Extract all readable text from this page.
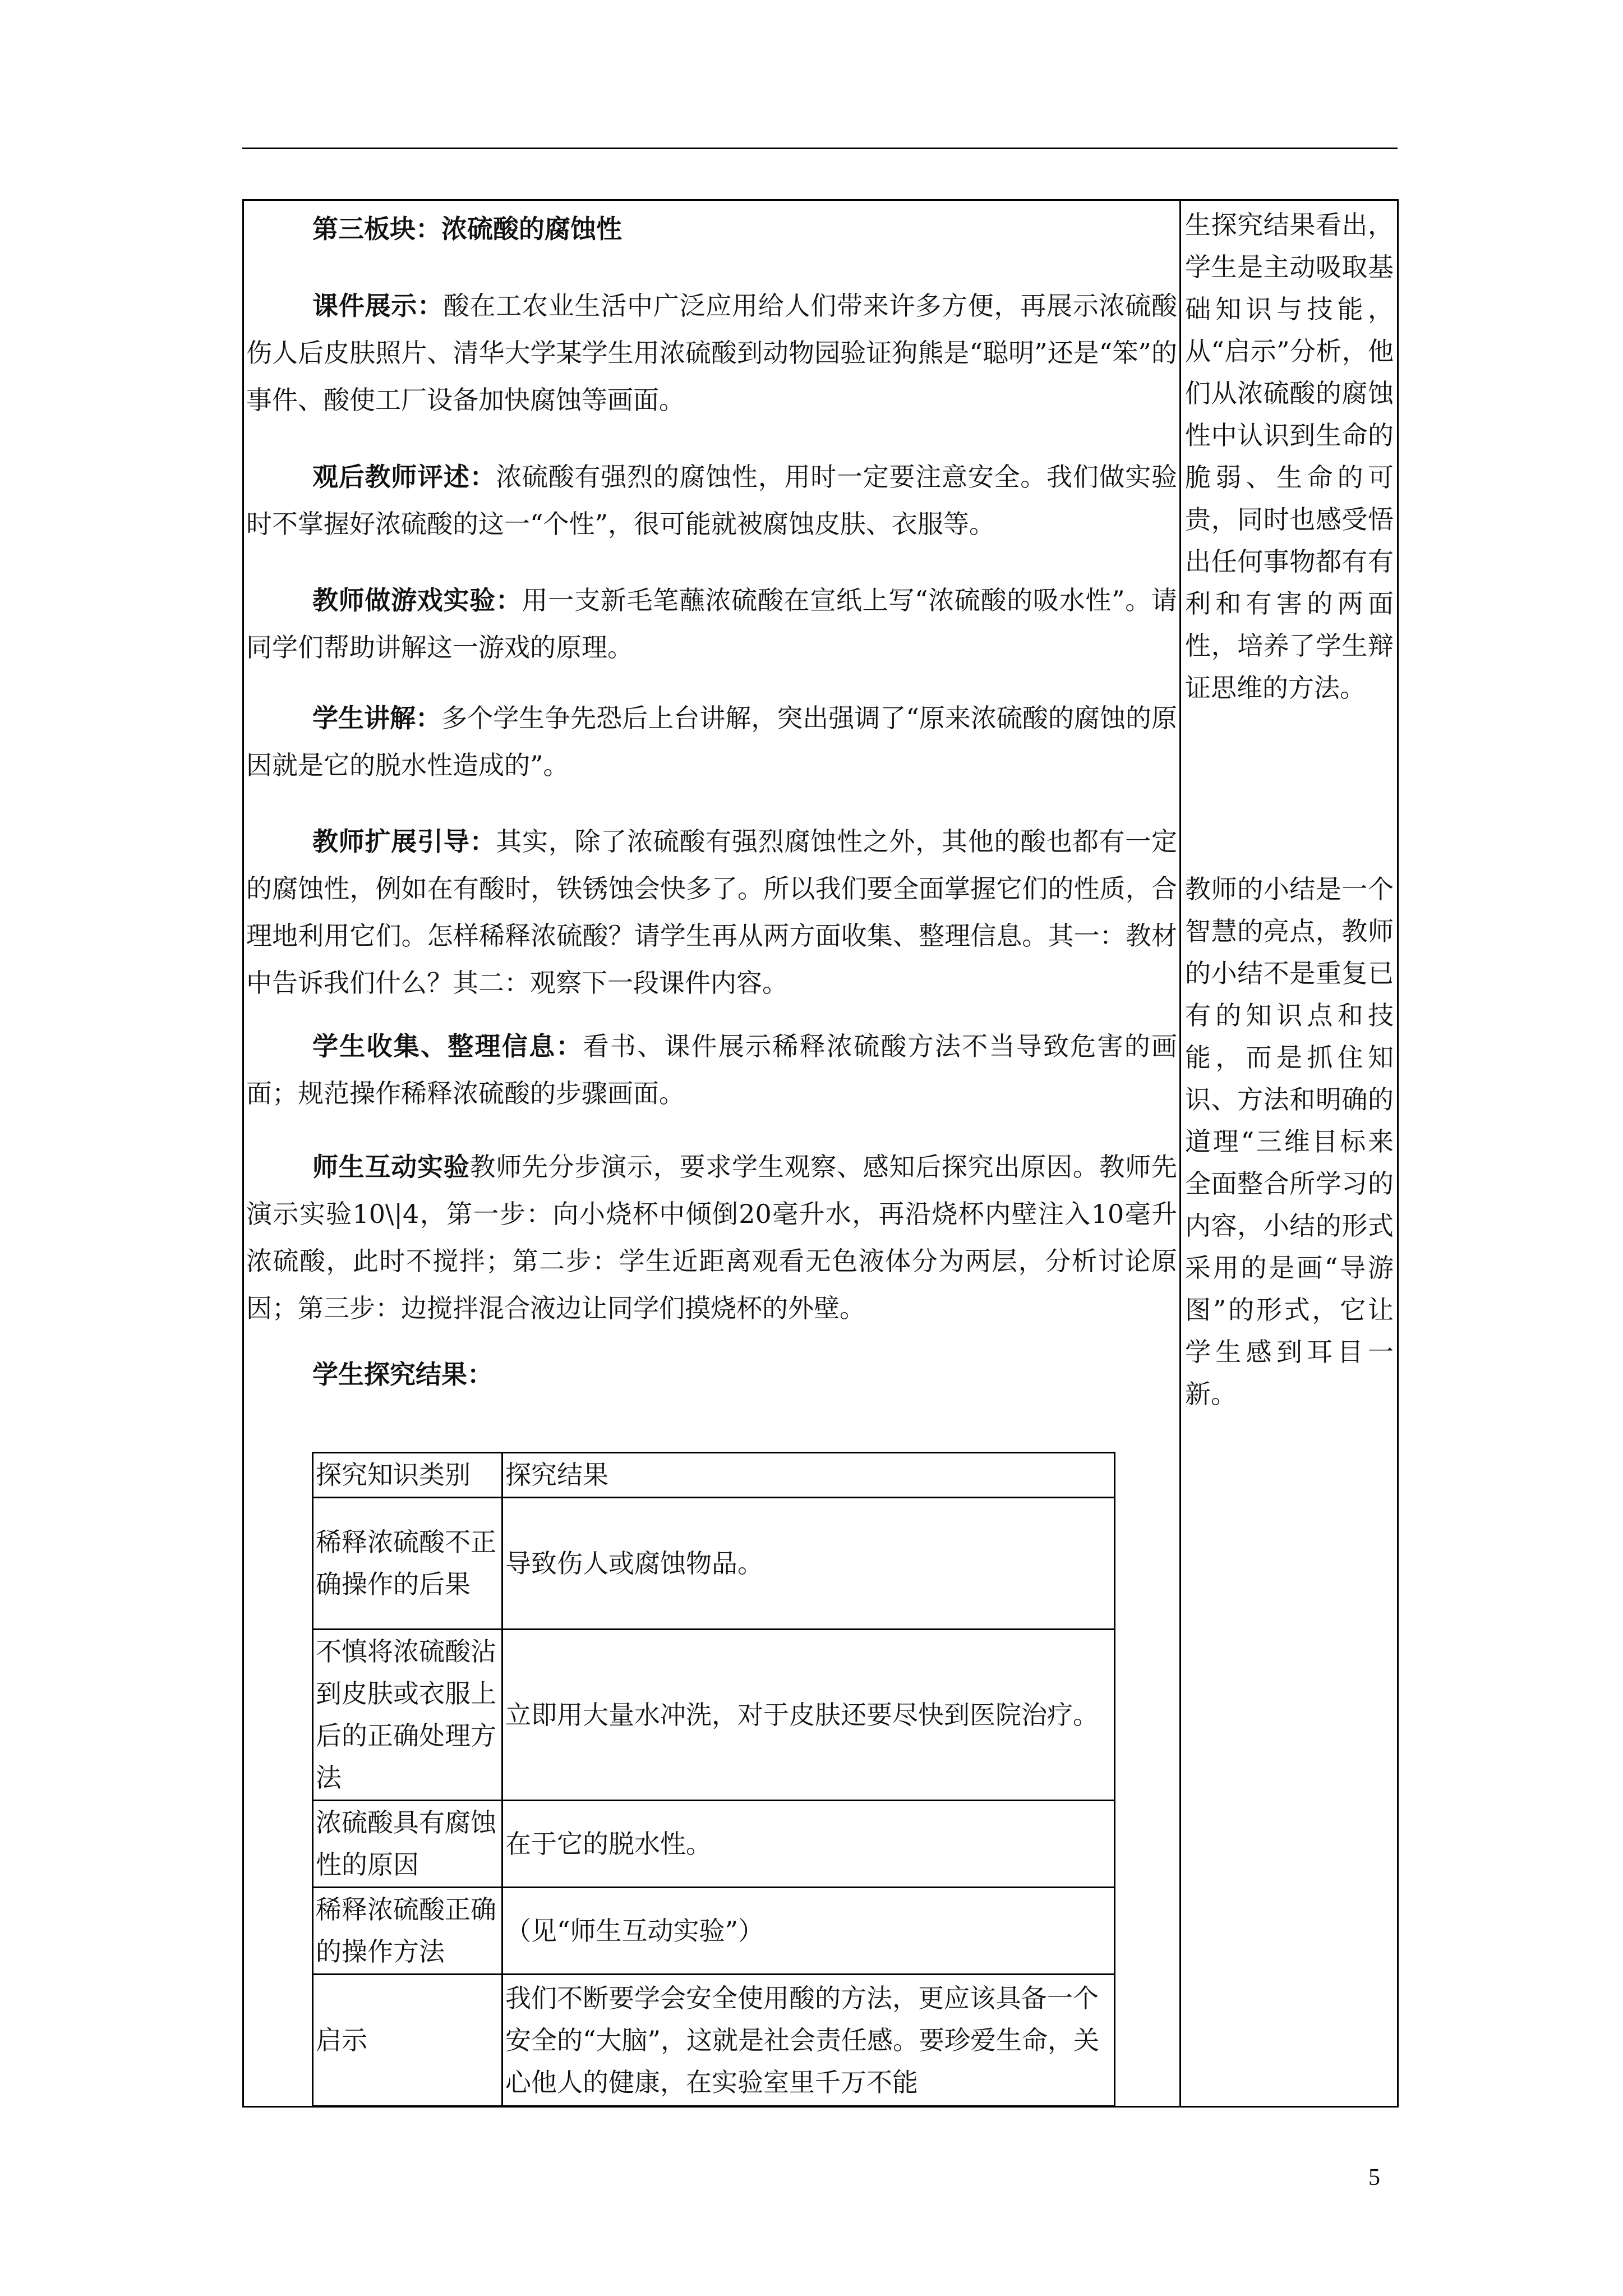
第三板块：浓硫酸的腐蚀性
课件展示：酸在工农业生活中广泛应用给人们带来许多方便，再展示浓硫酸伤人后皮肤照片、清华大学某学生用浓硫酸到动物园验证狗熊是“聪明”还是“笨”的事件、酸使工厂设备加快腐蚀等画面。
观后教师评述：浓硫酸有强烈的腐蚀性，用时一定要注意安全。我们做实验时不掌握好浓硫酸的这一“个性”，很可能就被腐蚀皮肤、衣服等。
教师做游戏实验：用一支新毛笔蘸浓硫酸在宣纸上写“浓硫酸的吸水性”。请同学们帮助讲解这一游戏的原理。
学生讲解：多个学生争先恐后上台讲解，突出强调了“原来浓硫酸的腐蚀的原因就是它的脱水性造成的”。
教师扩展引导：其实，除了浓硫酸有强烈腐蚀性之外，其他的酸也都有一定的腐蚀性，例如在有酸时，铁锈蚀会快多了。所以我们要全面掌握它们的性质，合理地利用它们。怎样稀释浓硫酸？请学生再从两方面收集、整理信息。其一：教材中告诉我们什么？其二：观察下一段课件内容。
学生收集、整理信息：看书、课件展示稀释浓硫酸方法不当导致危害的画面；规范操作稀释浓硫酸的步骤画面。
师生互动实验教师先分步演示，要求学生观察、感知后探究出原因。教师先演示实验10\|4，第一步：向小烧杯中倾倒20毫升水，再沿烧杯内壁注入10毫升浓硫酸，此时不搅拌；第二步：学生近距离观看无色液体分为两层，分析讨论原因；第三步：边搅拌混合液边让同学们摸烧杯的外壁。
学生探究结果：
探究知识类别	探究结果
稀释浓硫酸不正确操作的后果	导致伤人或腐蚀物品。
不慎将浓硫酸沾到皮肤或衣服上后的正确处理方法	立即用大量水冲洗，对于皮肤还要尽快到医院治疗。
浓硫酸具有腐蚀性的原因	在于它的脱水性。
稀释浓硫酸正确的操作方法	（见“师生互动实验”）
启示	我们不断要学会安全使用酸的方法，更应该具备一个安全的“大脑”，这就是社会责任感。要珍爱生命，关心他人的健康，在实验室里千万不能
生探究结果看出，学生是主动吸取基础知识与技能，从“启示”分析，他们从浓硫酸的腐蚀性中认识到生命的脆弱、生命的可贵，同时也感受悟出任何事物都有有利和有害的两面性，培养了学生辩证思维的方法。
教师的小结是一个智慧的亮点，教师的小结不是重复已有的知识点和技能，而是抓住知识、方法和明确的道理“三维目标来全面整合所学习的内容，小结的形式采用的是画“导游图”的形式，它让学生感到耳目一新。
5
